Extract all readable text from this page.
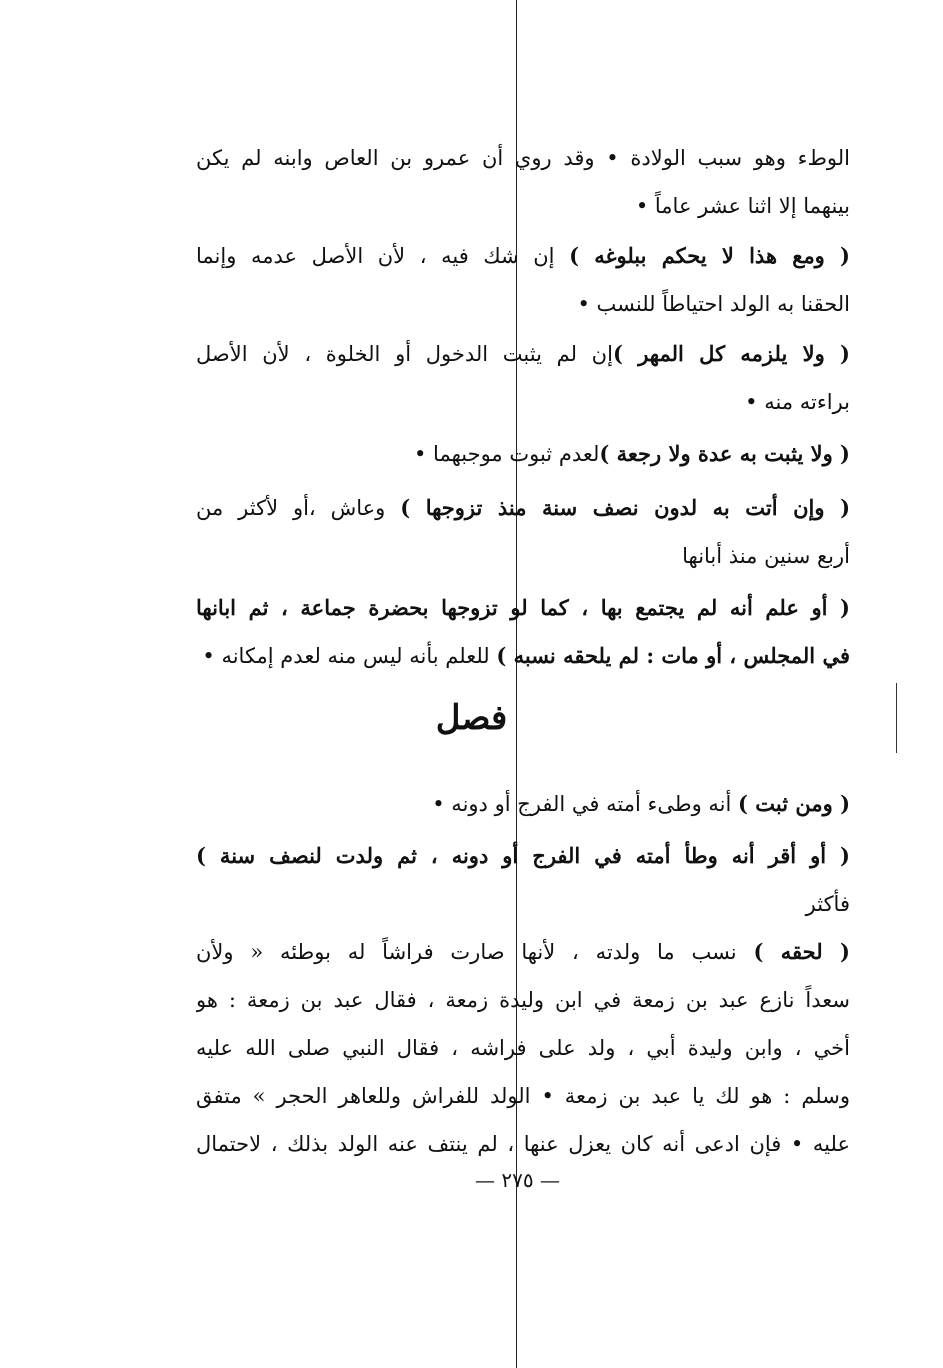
الوطء وهو سبب الولادة • وقد روي أن عمرو بن العاص وابنه لم يكن
بينهما إلا اثنا عشر عاماً •
( ومع هذا لا يحكم ببلوغه ) إن شك فيه ، لأن الأصل عدمه وإنما
الحقنا به الولد احتياطاً للنسب •
( ولا يلزمه كل المهر )إن لم يثبت الدخول أو الخلوة ، لأن الأصل
براءته منه •
( ولا يثبت به عدة ولا رجعة )لعدم ثبوت موجبهما •
( وإن أتت به لدون نصف سنة منذ تزوجها ) وعاش ،أو لأكثر من
أربع سنين منذ أبانها
( أو علم أنه لم يجتمع بها ، كما لو تزوجها بحضرة جماعة ، ثم ابانها
في المجلس ، أو مات : لم يلحقه نسبه ) للعلم بأنه ليس منه لعدم إمكانه •
فصل
( ومن ثبت ) أنه وطىء أمته في الفرج أو دونه •
( أو أقر أنه وطأ أمته في الفرج أو دونه ، ثم ولدت لنصف سنة )
فأكثر
( لحقه ) نسب ما ولدته ، لأنها صارت فراشاً له بوطئه « ولأن
سعداً نازع عبد بن زمعة في ابن وليدة زمعة ، فقال عبد بن زمعة : هو
أخي ، وابن وليدة أبي ، ولد على فراشه ، فقال النبي صلى الله عليه
وسلم : هو لك يا عبد بن زمعة • الولد للفراش وللعاهر الحجر » متفق
عليه • فإن ادعى أنه كان يعزل عنها ، لم ينتف عنه الولد بذلك ، لاحتمال
— ٢٧٥ —
